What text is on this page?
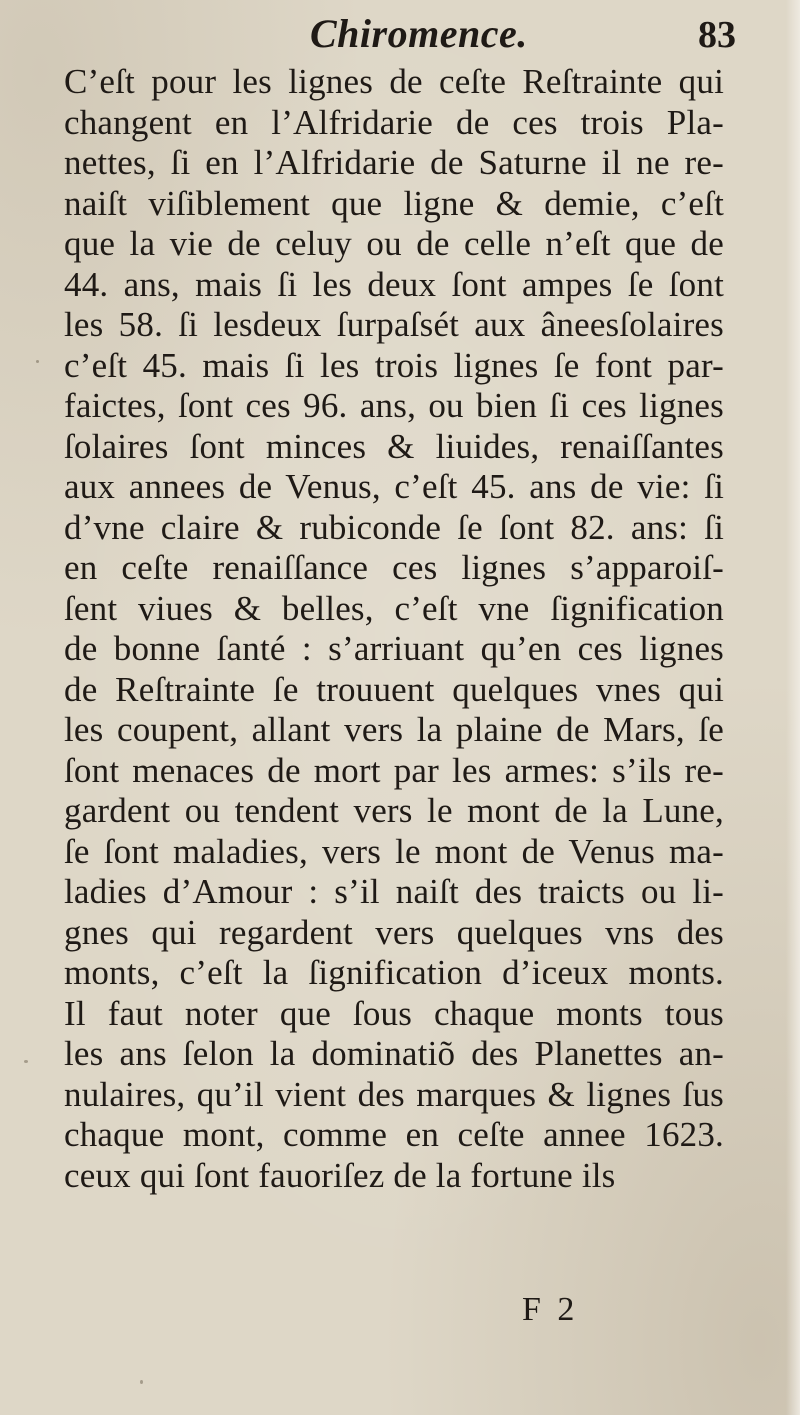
Chiromence.	83
C’eſt pour les lignes de ceſte Reſtrainte qui
changent en l’Alfridarie de ces trois Pla-
nettes, ſi en l’Alfridarie de Saturne il ne re-
naiſt viſiblement que ligne & demie, c’eſt
que la vie de celuy ou de celle n’eſt que de
44. ans, mais ſi les deux ſont ampes ſe ſont
les 58. ſi lesdeux ſurpaſsét aux âneesſolaires
c’eſt 45. mais ſi les trois lignes ſe font par-
faictes, ſont ces 96. ans, ou bien ſi ces lignes
ſolaires ſont minces & liuides, renaiſſantes
aux annees de Venus, c’eſt 45. ans de vie: ſi
d’vne claire & rubiconde ſe ſont 82. ans: ſi
en ceſte renaiſſance ces lignes s’apparoiſ-
ſent viues & belles, c’eſt vne ſignification
de bonne ſanté : s’arriuant qu’en ces lignes
de Reſtrainte ſe trouuent quelques vnes qui
les coupent, allant vers la plaine de Mars, ſe
ſont menaces de mort par les armes: s’ils re-
gardent ou tendent vers le mont de la Lune,
ſe ſont maladies, vers le mont de Venus ma-
ladies d’Amour : s’il naiſt des traicts ou li-
gnes qui regardent vers quelques vns des
monts, c’eſt la ſignification d’iceux monts.
Il faut noter que ſous chaque monts tous
les ans ſelon la dominatiõ des Planettes an-
nulaires, qu’il vient des marques & lignes ſus
chaque mont, comme en ceſte annee 1623.
ceux qui ſont fauoriſez de la fortune ils
F 2
